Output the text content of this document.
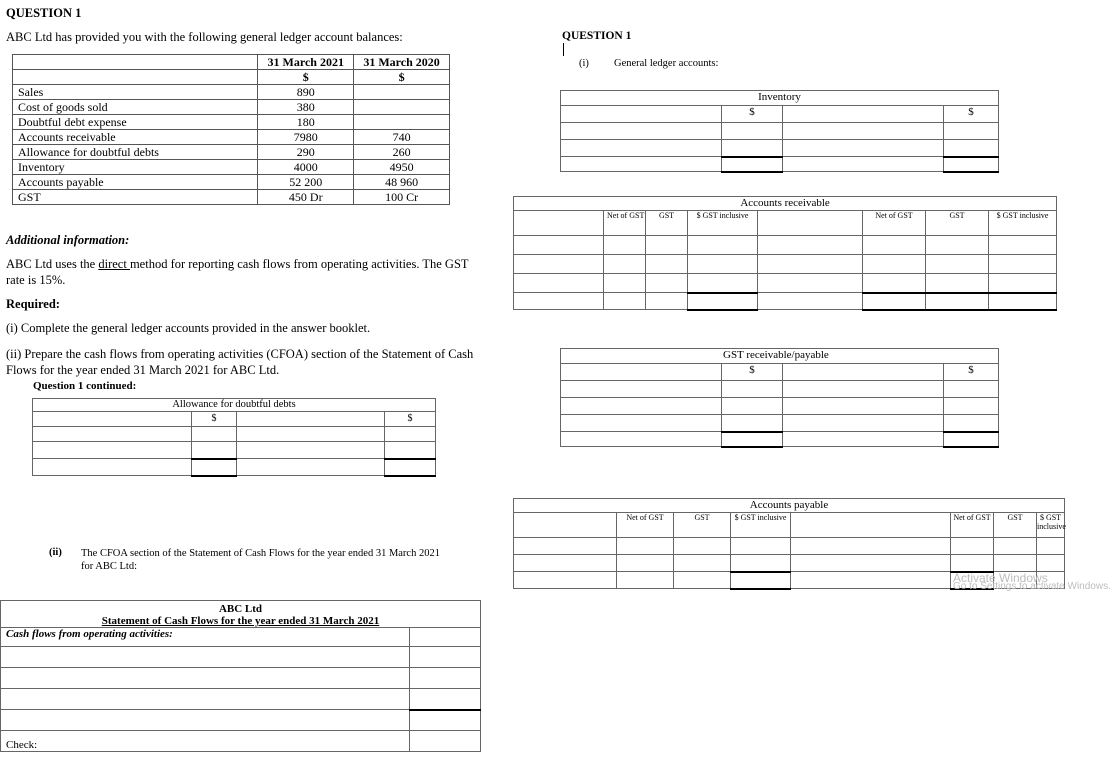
QUESTION 1
ABC Ltd has provided you with the following general ledger account balances:
	31 March 2021	31 March 2020
	$	$
Sales	890	
Cost of goods sold	380	
Doubtful debt expense	180	
Accounts receivable	7980	740
Allowance for doubtful debts	290	260
Inventory	4000	4950
Accounts payable	52 200	48 960
GST	450 Dr	100 Cr
Additional information:
ABC Ltd uses the direct method for reporting cash flows from operating activities. The GST rate is 15%.
Required:
(i) Complete the general ledger accounts provided in the answer booklet.
(ii) Prepare the cash flows from operating activities (CFOA) section of the Statement of Cash Flows for the year ended 31 March 2021 for ABC Ltd.
Question 1 continued:
Allowance for doubtful debts			
	$		$

(ii) The CFOA section of the Statement of Cash Flows for the year ended 31 March 2021 for ABC Ltd:
ABC Ltd
Statement of Cash Flows for the year ended 31 March 2021	

Cash flows from operating activities:	

Check:	
QUESTION 1
(i) General ledger accounts:
Inventory			
	$		$

Accounts receivable							
	Net of GST	GST	$ GST inclusive		Net of GST	GST	$ GST inclusive

GST receivable/payable			
	$		$

Accounts payable							
	Net of GST	GST	$ GST inclusive		Net of GST	GST	$ GST inclusive

Activate Windows
Go to Settings to activate Windows.
